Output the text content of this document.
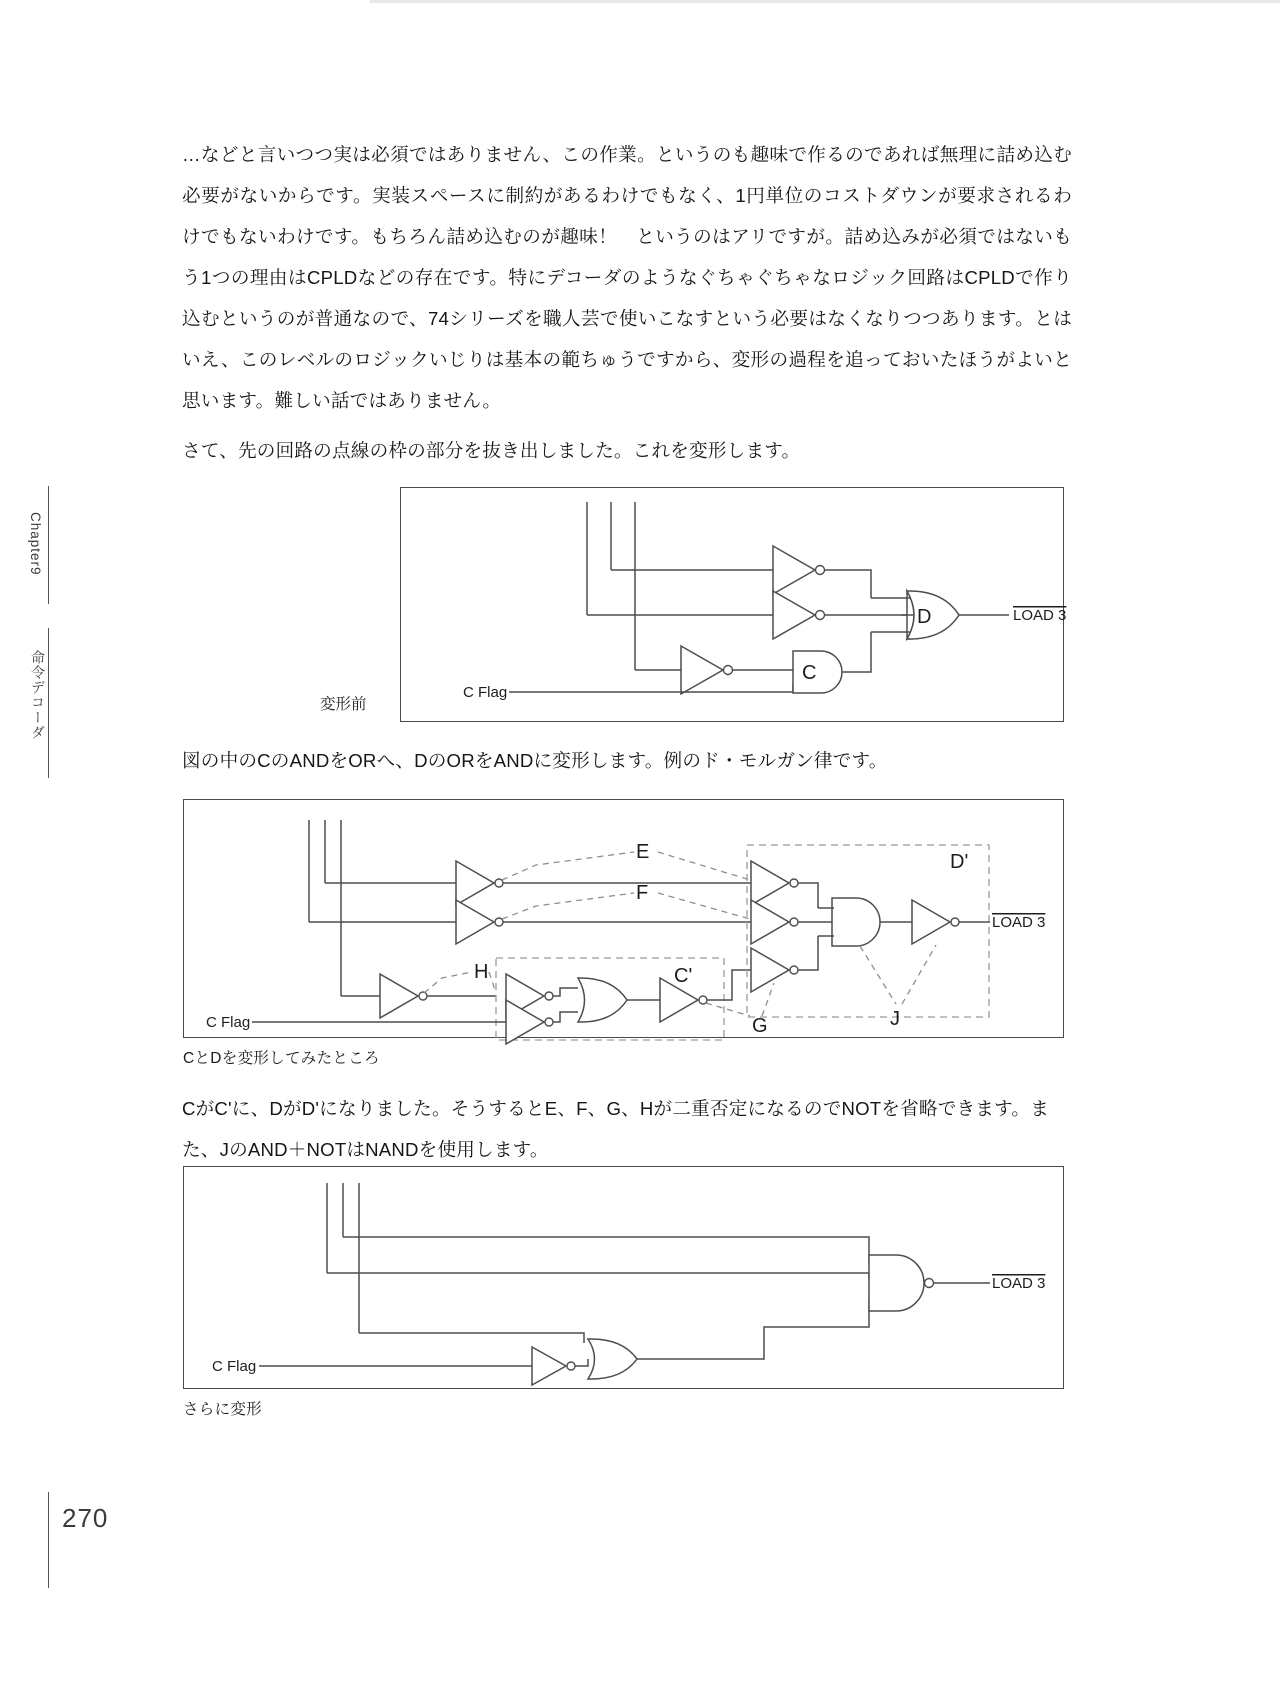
Chapter9
命令デコーダ
…などと言いつつ実は必須ではありません、この作業。というのも趣味で作るのであれば無理に詰め込む必要がないからです。実装スペースに制約があるわけでもなく、1円単位のコストダウンが要求されるわけでもないわけです。もちろん詰め込むのが趣味！　というのはアリですが。詰め込みが必須ではないもう1つの理由はCPLDなどの存在です。特にデコーダのようなぐちゃぐちゃなロジック回路はCPLDで作り込むというのが普通なので、74シリーズを職人芸で使いこなすという必要はなくなりつつあります。とはいえ、このレベルのロジックいじりは基本の範ちゅうですから、変形の過程を追っておいたほうがよいと思います。難しい話ではありません。
さて、先の回路の点線の枠の部分を抜き出しました。これを変形します。
変形前
C Flag
C
D	LOAD 3
図の中のCのANDをORへ、DのORをANDに変形します。例のド・モルガン律です。
E
F
H	C'
C Flag	G
D'
LOAD 3
J
CとDを変形してみたところ
CがC'に、DがD'になりました。そうするとE、F、G、Hが二重否定になるのでNOTを省略できます。また、JのAND＋NOTはNANDを使用します。
C Flag
LOAD 3
さらに変形
270
